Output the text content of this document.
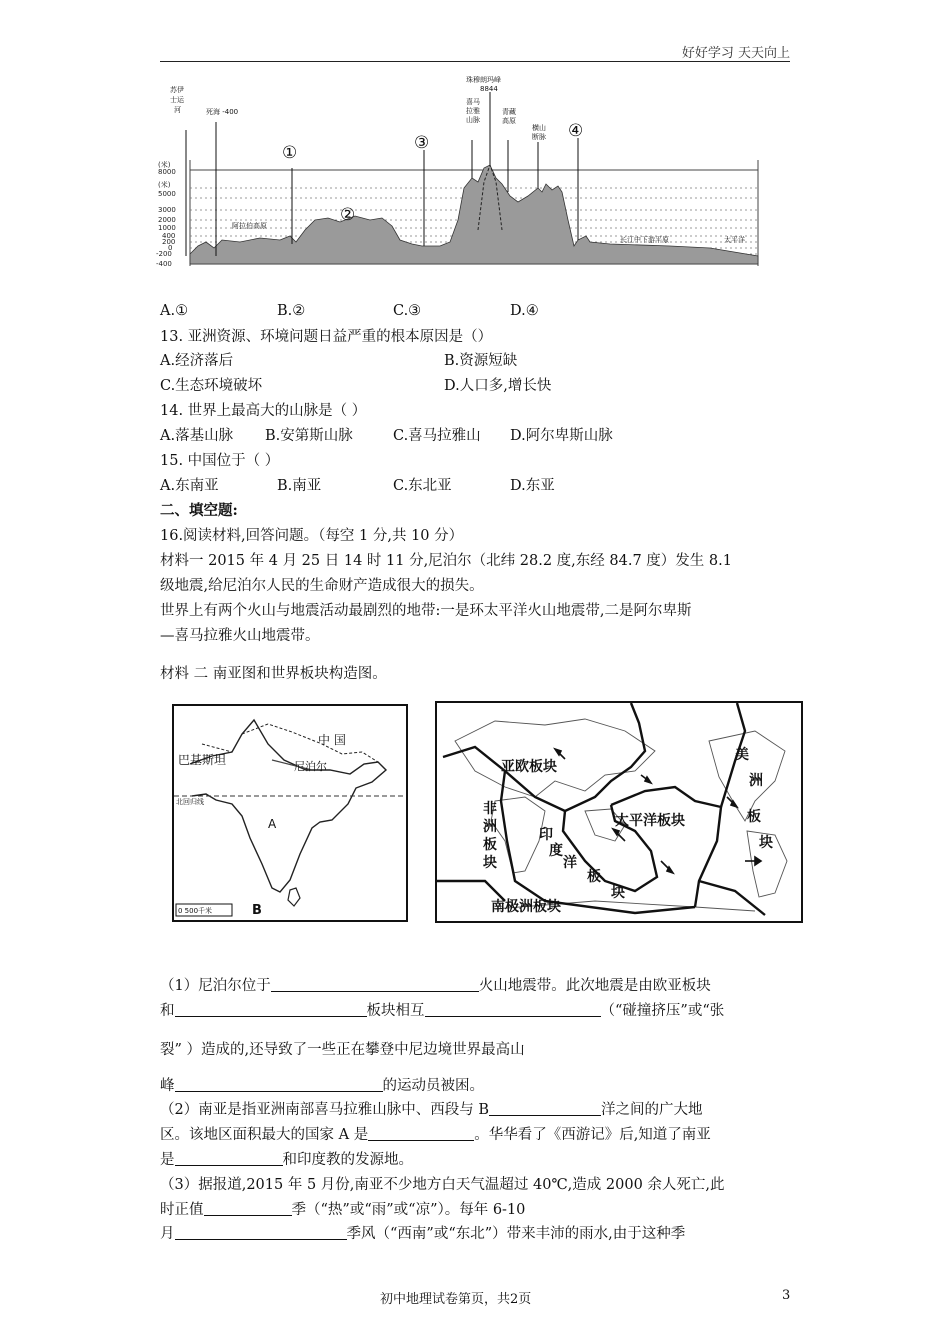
好好学习 天天向上
(米)
8000
(米)
5000
3000
2000
1000
400
200
0
-200
-400
苏伊
士运
河	死海 -400
珠穆朗玛峰
8844
喜马
拉雅
山脉
青藏
高原
横山
断脉
阿拉伯高原
长江中下游平原	太平洋
①
②
③
④
A.①	B.②	C.③	D.④
13. 亚洲资源、环境问题日益严重的根本原因是（）
A.经济落后	B.资源短缺
C.生态环境破坏	D.人口多,增长快
14. 世界上最高大的山脉是（ ）
A.落基山脉 B.安第斯山脉	C.喜马拉雅山 D.阿尔卑斯山脉
15. 中国位于（ ）
A.东南亚	B.南亚	C.东北亚	D.东亚
二、填空题:
16.阅读材料,回答问题。（每空 1 分,共 10 分）
材料一 2015 年 4 月 25 日 14 时 11 分,尼泊尔（北纬 28.2 度,东经 84.7 度）发生 8.1
级地震,给尼泊尔人民的生命财产造成很大的损失。
世界上有两个火山与地震活动最剧烈的地带:一是环太平洋火山地震带,二是阿尔卑斯
—喜马拉雅火山地震带。
材料 二 南亚图和世界板块构造图。
中 国
巴基斯坦	尼泊尔
北回归线
A
B
0 500千米
亚欧板块
太平洋板块
南极洲板块
非
洲
板
块
印
度
洋
板
块
美
洲
板
块
（1）尼泊尔位于	火山地震带。此次地震是由欧亚板块
和	板块相互	（“碰撞挤压”或“张
裂” ）造成的,还导致了一些正在攀登中尼边境世界最高山
峰	的运动员被困。
（2）南亚是指亚洲南部喜马拉雅山脉中、西段与 B	洋之间的广大地
区。该地区面积最大的国家 A 是	。华华看了《西游记》后,知道了南亚
是	和印度教的发源地。
（3）据报道,2015 年 5 月份,南亚不少地方白天气温超过 40℃,造成 2000 余人死亡,此
时正值	季（“热”或“雨”或“凉”）。每年 6-10
月	季风（“西南”或“东北”）带来丰沛的雨水,由于这种季
初中地理试卷第页，共2页	3
